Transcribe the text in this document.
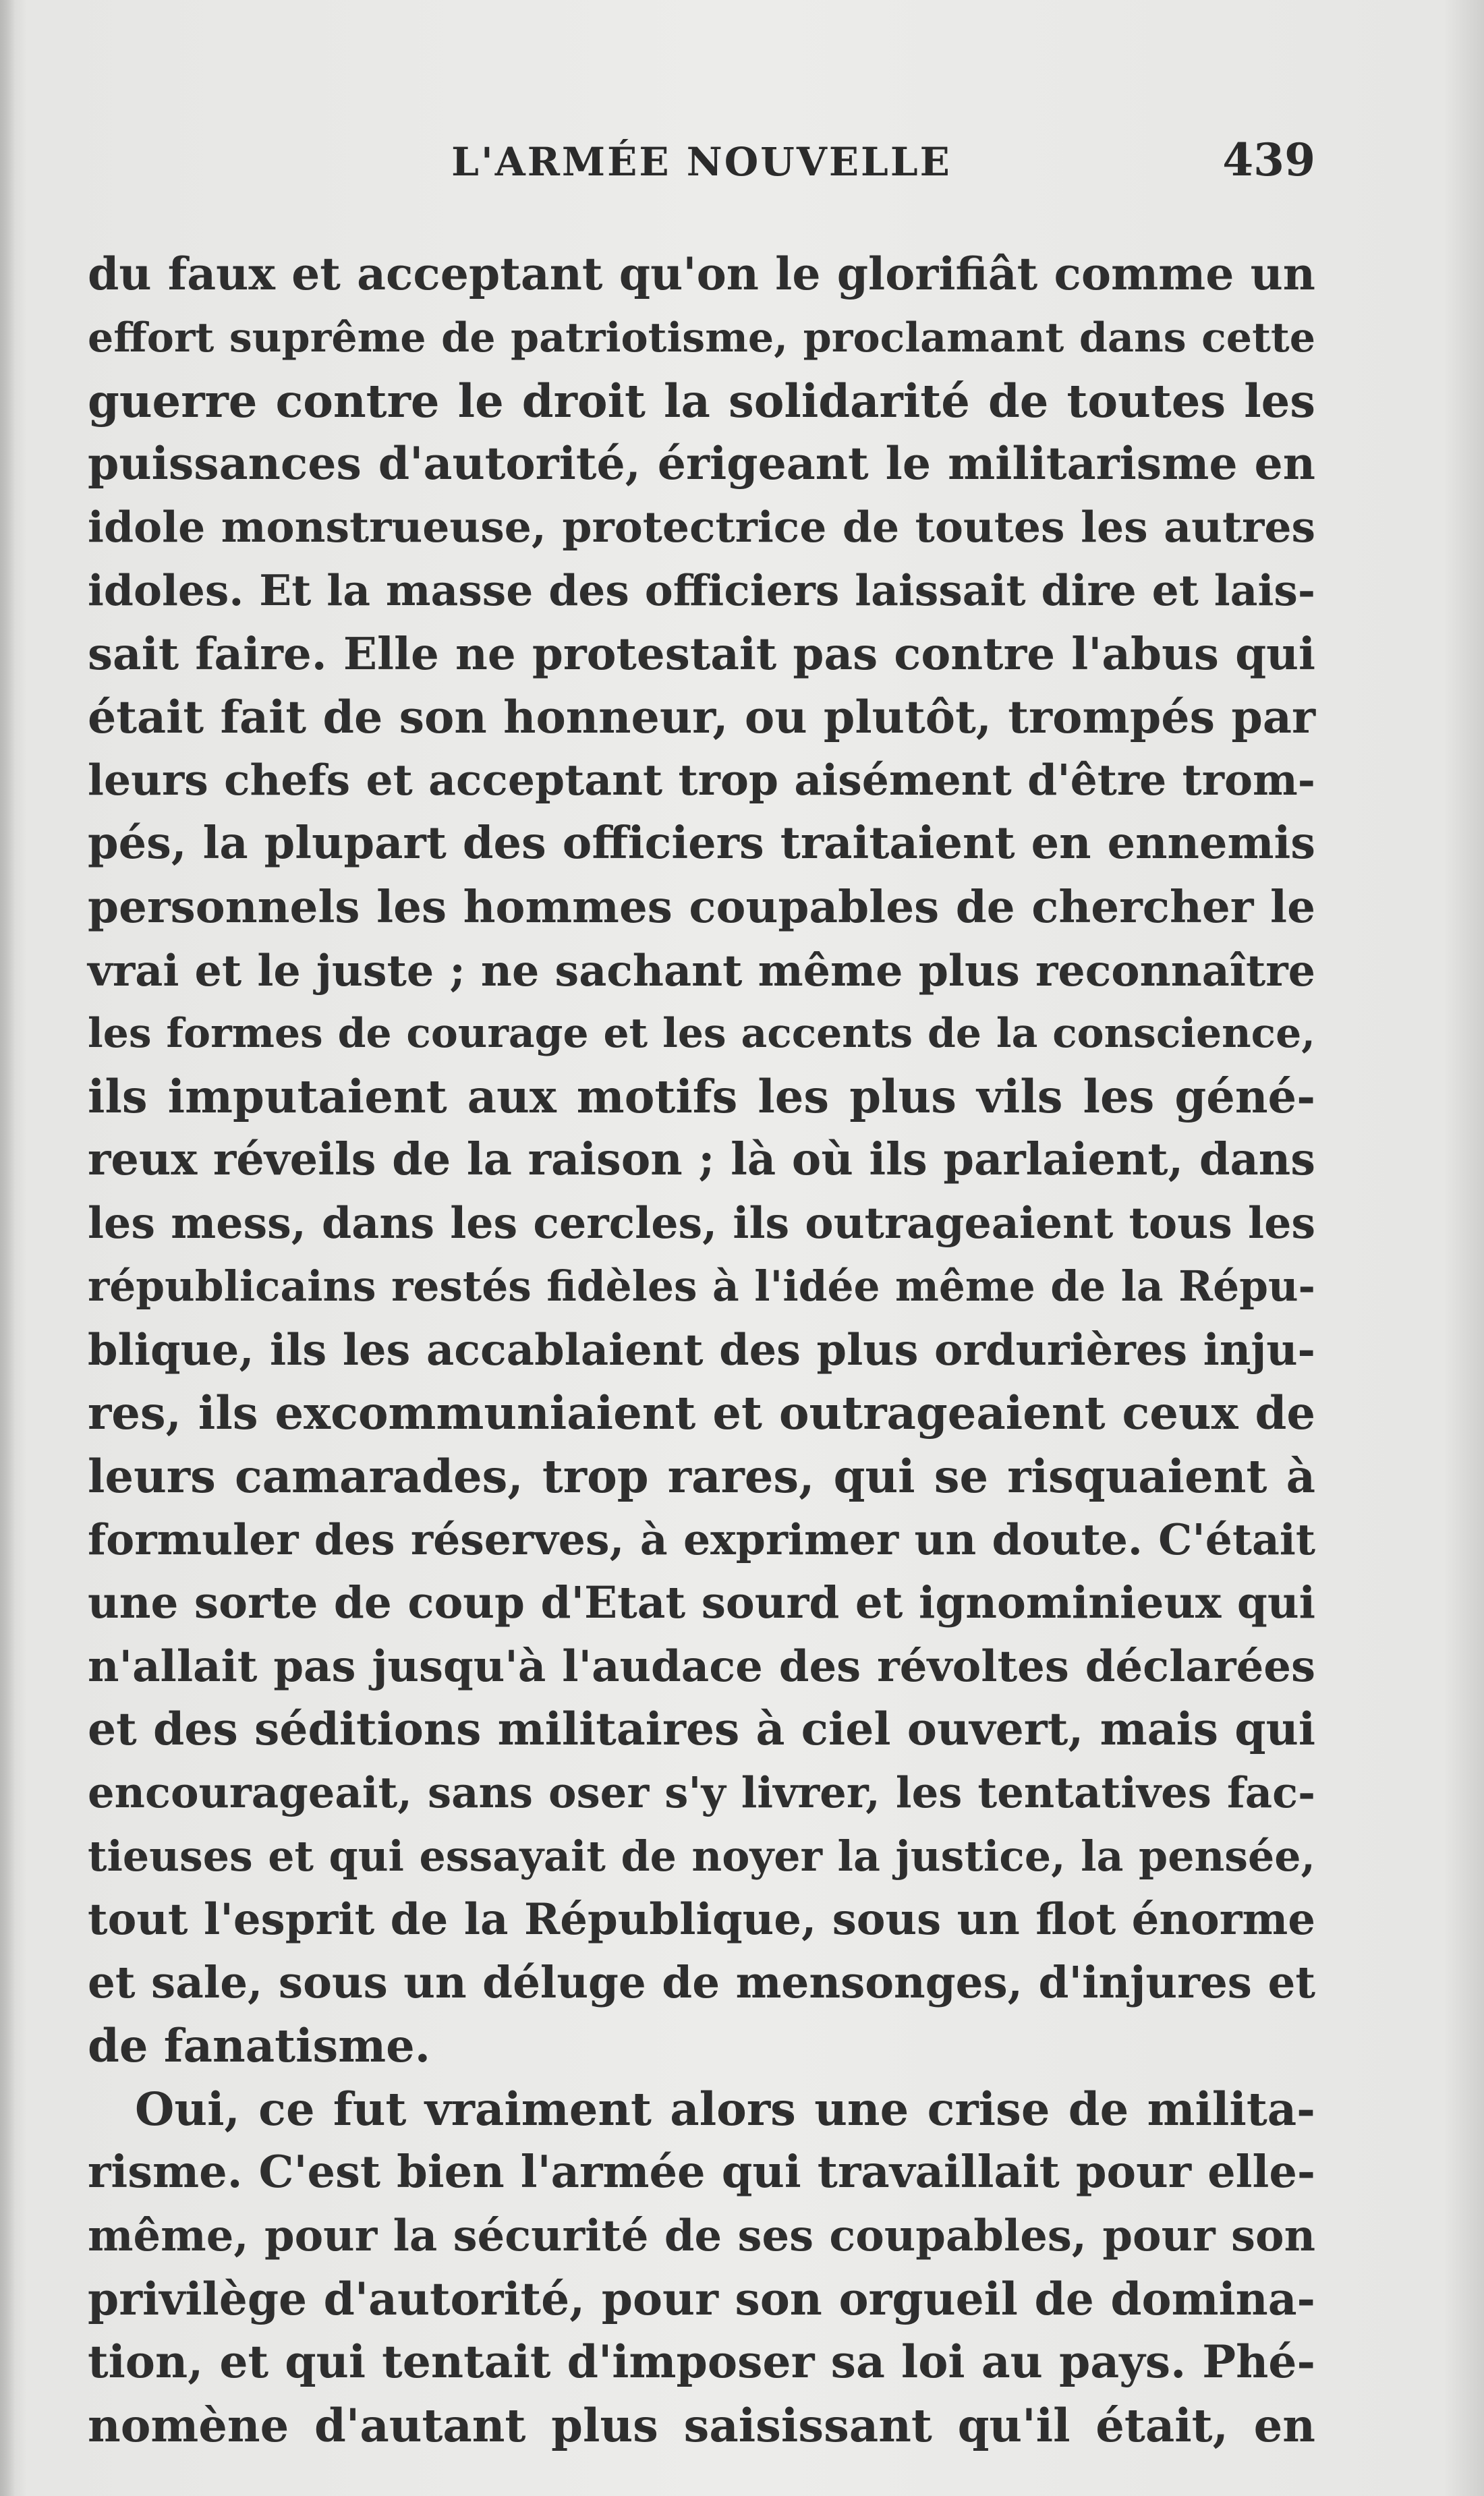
L'ARMÉE NOUVELLE	439
du faux et acceptant qu'on le glorifiât comme un
effort suprême de patriotisme, proclamant dans cette
guerre contre le droit la solidarité de toutes les
puissances d'autorité, érigeant le militarisme en
idole monstrueuse, protectrice de toutes les autres
idoles. Et la masse des officiers laissait dire et lais-
sait faire. Elle ne protestait pas contre l'abus qui
était fait de son honneur, ou plutôt, trompés par
leurs chefs et acceptant trop aisément d'être trom-
pés, la plupart des officiers traitaient en ennemis
personnels les hommes coupables de chercher le
vrai et le juste ; ne sachant même plus reconnaître
les formes de courage et les accents de la conscience,
ils imputaient aux motifs les plus vils les géné-
reux réveils de la raison ; là où ils parlaient, dans
les mess, dans les cercles, ils outrageaient tous les
républicains restés fidèles à l'idée même de la Répu-
blique, ils les accablaient des plus ordurières inju-
res, ils excommuniaient et outrageaient ceux de
leurs camarades, trop rares, qui se risquaient à
formuler des réserves, à exprimer un doute. C'était
une sorte de coup d'Etat sourd et ignominieux qui
n'allait pas jusqu'à l'audace des révoltes déclarées
et des séditions militaires à ciel ouvert, mais qui
encourageait, sans oser s'y livrer, les tentatives fac-
tieuses et qui essayait de noyer la justice, la pensée,
tout l'esprit de la République, sous un flot énorme
et sale, sous un déluge de mensonges, d'injures et
de fanatisme.
Oui, ce fut vraiment alors une crise de milita-
risme. C'est bien l'armée qui travaillait pour elle-
même, pour la sécurité de ses coupables, pour son
privilège d'autorité, pour son orgueil de domina-
tion, et qui tentait d'imposer sa loi au pays. Phé-
nomène d'autant plus saisissant qu'il était, en
